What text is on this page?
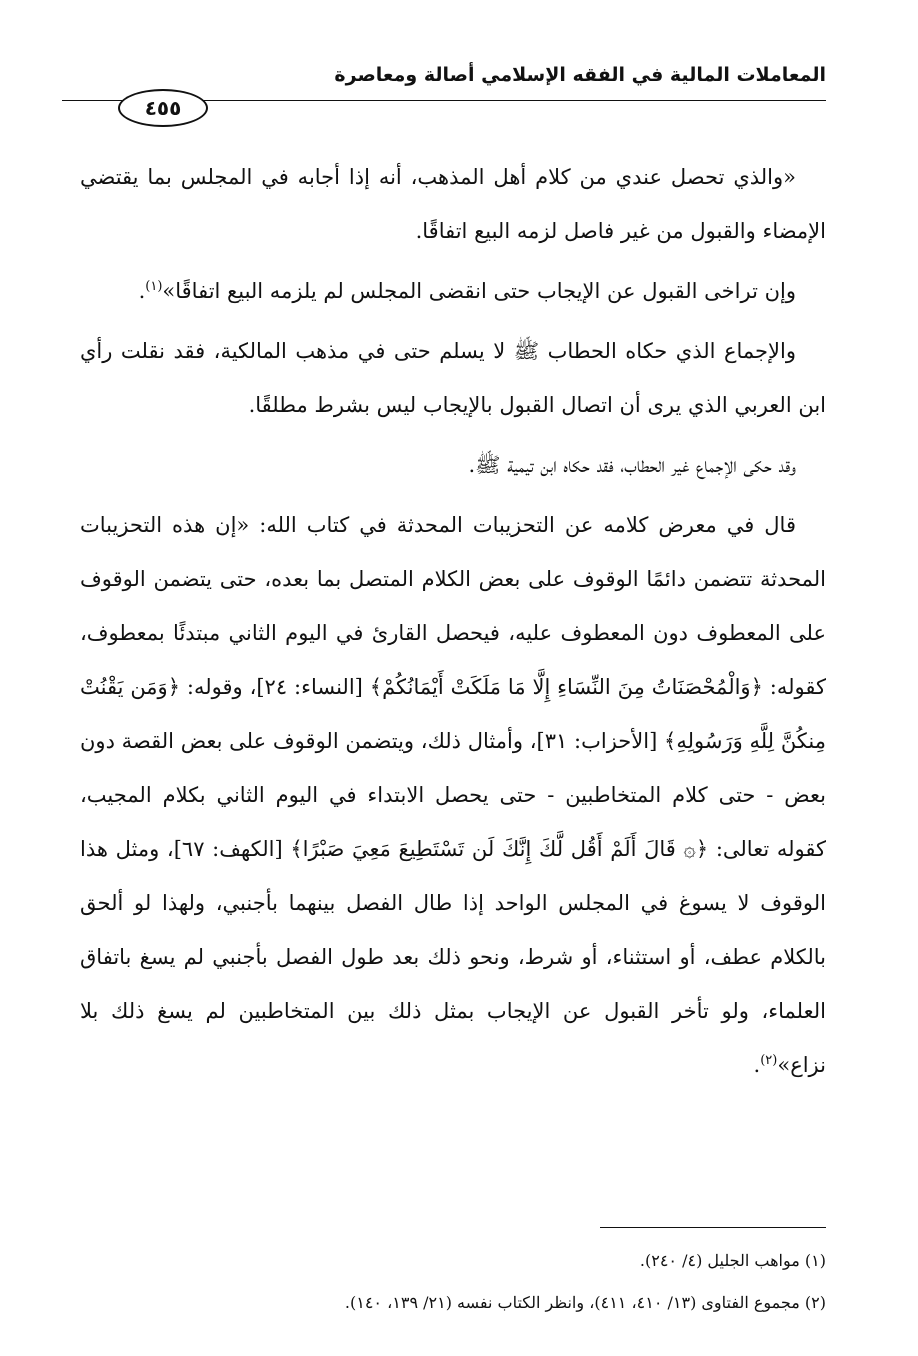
المعاملات المالية في الفقه الإسلامي أصالة ومعاصرة
٤٥٥

«والذي تحصل عندي من كلام أهل المذهب، أنه إذا أجابه في المجلس بما يقتضي الإمضاء والقبول من غير فاصل لزمه البيع اتفاقًا.

وإن تراخى القبول عن الإيجاب حتى انقضى المجلس لم يلزمه البيع اتفاقًا»$^{(١)}$.

والإجماع الذي حكاه الحطاب ﷺ لا يسلم حتى في مذهب المالكية، فقد نقلت رأي ابن العربي الذي يرى أن اتصال القبول بالإيجاب ليس بشرط مطلقًا.

وقد حكى الإجماع غير الحطاب، فقد حكاه ابن تيمية ﷺ.

قال في معرض كلامه عن التحزيبات المحدثة في كتاب الله: «إن هذه التحزيبات المحدثة تتضمن دائمًا الوقوف على بعض الكلام المتصل بما بعده، حتى يتضمن الوقوف على المعطوف دون المعطوف عليه، فيحصل القارئ في اليوم الثاني مبتدئًا بمعطوف، كقوله: ﴿وَالْمُحْصَنَاتُ مِنَ النِّسَاءِ إِلَّا مَا مَلَكَتْ أَيْمَانُكُمْ﴾ [النساء: ٢٤]، وقوله: ﴿وَمَن يَقْنُتْ مِنكُنَّ لِلَّهِ وَرَسُولِهِ﴾ [الأحزاب: ٣١]، وأمثال ذلك، ويتضمن الوقوف على بعض القصة دون بعض - حتى كلام المتخاطبين - حتى يحصل الابتداء في اليوم الثاني بكلام المجيب، كقوله تعالى: ﴿۞ قَالَ أَلَمْ أَقُل لَّكَ إِنَّكَ لَن تَسْتَطِيعَ مَعِيَ صَبْرًا﴾ [الكهف: ٦٧]، ومثل هذا الوقوف لا يسوغ في المجلس الواحد إذا طال الفصل بينهما بأجنبي، ولهذا لو ألحق بالكلام عطف، أو استثناء، أو شرط، ونحو ذلك بعد طول الفصل بأجنبي لم يسغ باتفاق العلماء، ولو تأخر القبول عن الإيجاب بمثل ذلك بين المتخاطبين لم يسغ ذلك بلا نزاع»$^{(٢)}$.

(١) مواهب الجليل (٤/ ٢٤٠).

(٢) مجموع الفتاوى (١٣/ ٤١٠، ٤١١)، وانظر الكتاب نفسه (٢١/ ١٣٩، ١٤٠).
